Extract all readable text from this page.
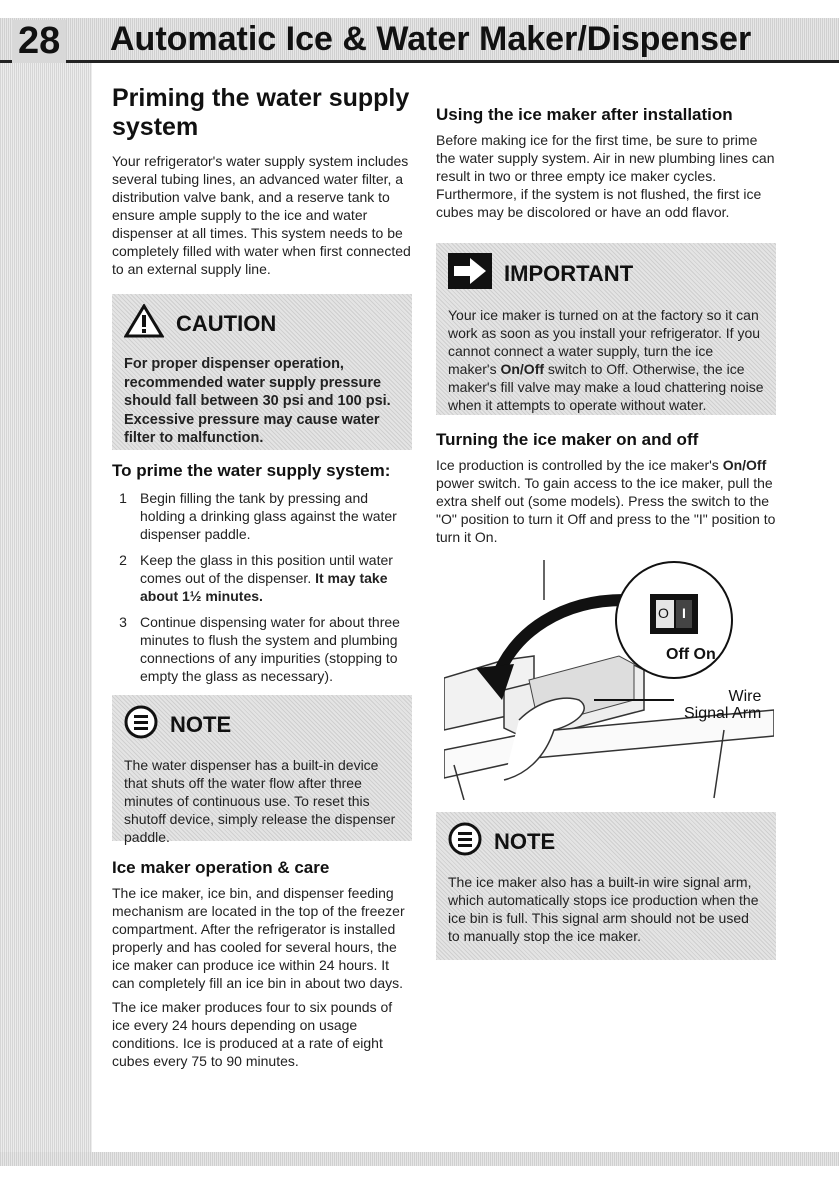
28 Automatic Ice & Water Maker/Dispenser
Priming the water supply system

Your refrigerator's water supply system includes several tubing lines, an advanced water filter, a distribution valve bank, and a reserve tank to ensure ample supply to the ice and water dispenser at all times. This system needs to be completely filled with water when first connected to an external supply line.

CAUTION
For proper dispenser operation, recommended water supply pressure should fall between 30 psi and 100 psi. Excessive pressure may cause water filter to malfunction.
To prime the water supply system:
1 Begin filling the tank by pressing and holding a drinking glass against the water dispenser paddle.
2 Keep the glass in this position until water comes out of the dispenser. It may take about 1½ minutes.
3 Continue dispensing water for about three minutes to flush the system and plumbing connections of any impurities (stopping to empty the glass as necessary).
NOTE
The water dispenser has a built-in device that shuts off the water flow after three minutes of continuous use. To reset this shutoff device, simply release the dispenser paddle.
Ice maker operation & care

The ice maker, ice bin, and dispenser feeding mechanism are located in the top of the freezer compartment. After the refrigerator is installed properly and has cooled for several hours, the ice maker can produce ice within 24 hours. It can completely fill an ice bin in about two days.

The ice maker produces four to six pounds of ice every 24 hours depending on usage conditions. Ice is produced at a rate of eight cubes every 75 to 90 minutes.

Using the ice maker after installation

Before making ice for the first time, be sure to prime the water supply system. Air in new plumbing lines can result in two or three empty ice maker cycles. Furthermore, if the system is not flushed, the first ice cubes may be discolored or have an odd flavor.

IMPORTANT
Your ice maker is turned on at the factory so it can work as soon as you install your refrigerator. If you cannot connect a water supply, turn the ice maker's On/Off switch to Off. Otherwise, the ice maker's fill valve may make a loud chattering noise when it attempts to operate without water.
Turning the ice maker on and off

Ice production is controlled by the ice maker's On/Off power switch. To gain access to the ice maker, pull the extra shelf out (some models). Press the switch to the "O" position to turn it Off and press to the "I" position to turn it On.

O I
Off On
Wire
Signal Arm
NOTE
The ice maker also has a built-in wire signal arm, which automatically stops ice production when the ice bin is full. This signal arm should not be used to manually stop the ice maker.
